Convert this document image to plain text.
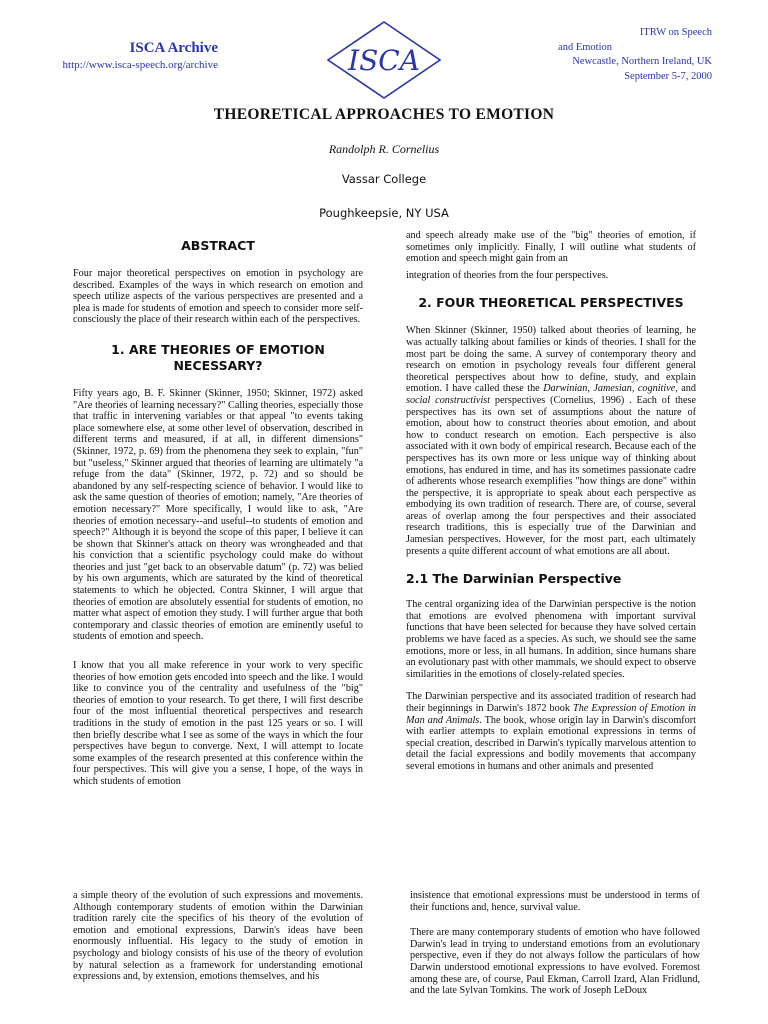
ISCA Archive
http://www.isca-speech.org/archive	ISCA
ITRW on Speech
and Emotion
Newcastle, Northern Ireland, UK
September 5-7, 2000
THEORETICAL APPROACHES TO EMOTION
Randolph R. Cornelius
Vassar College
Poughkeepsie, NY USA
ABSTRACT

Four major theoretical perspectives on emotion in psychology are described. Examples of the ways in which research on emotion and speech utilize aspects of the various perspectives are presented and a plea is made for students of emotion and speech to consider more self-consciously the place of their research within each of the perspectives.

1. ARE THEORIES OF EMOTION NECESSARY?

Fifty years ago, B. F. Skinner (Skinner, 1950; Skinner, 1972) asked "Are theories of learning necessary?" Calling theories, especially those that traffic in intervening variables or that appeal "to events taking place somewhere else, at some other level of observation, described in different terms and measured, if at all, in different dimensions" (Skinner, 1972, p. 69) from the phenomena they seek to explain, "fun" but "useless," Skinner argued that theories of learning are ultimately "a refuge from the data" (Skinner, 1972, p. 72) and so should be abandoned by any self-respecting science of behavior. I would like to ask the same question of theories of emotion; namely, "Are theories of emotion necessary?" More specifically, I would like to ask, "Are theories of emotion necessary--and useful--to students of emotion and speech?" Although it is beyond the scope of this paper, I believe it can be shown that Skinner's attack on theory was wrongheaded and that his conviction that a scientific psychology could make do without theories and just "get back to an observable datum" (p. 72) was belied by his own arguments, which are saturated by the kind of theoretical statements to which he objected. Contra Skinner, I will argue that theories of emotion are absolutely essential for students of emotion, no matter what aspect of emotion they study. I will further argue that both contemporary and classic theories of emotion are eminently useful to students of emotion and speech.

I know that you all make reference in your work to very specific theories of how emotion gets encoded into speech and the like. I would like to convince you of the centrality and usefulness of the "big" theories of emotion to your research. To get there, I will first describe four of the most influential theoretical perspectives and research traditions in the study of emotion in the past 125 years or so. I will then briefly describe what I see as some of the ways in which the four perspectives have begun to converge. Next, I will attempt to locate some examples of the research presented at this conference within the four perspectives. This will give you a sense, I hope, of the ways in which students of emotion

a simple theory of the evolution of such expressions and movements. Although contemporary students of emotion within the Darwinian tradition rarely cite the specifics of his theory of the evolution of emotion and emotional expressions, Darwin's ideas have been enormously influential. His legacy to the study of emotion in psychology and biology consists of his use of the theory of evolution by natural selection as a framework for understanding emotional expressions and, by extension, emotions themselves, and his

and speech already make use of the "big" theories of emotion, if sometimes only implicitly. Finally, I will outline what students of emotion and speech might gain from an

integration of theories from the four perspectives.

2. FOUR THEORETICAL PERSPECTIVES

When Skinner (Skinner, 1950) talked about theories of learning, he was actually talking about families or kinds of theories. I shall for the most part be doing the same. A survey of contemporary theory and research on emotion in psychology reveals four different general theoretical perspectives about how to define, study, and explain emotion. I have called these the Darwinian, Jamesian, cognitive, and social constructivist perspectives (Cornelius, 1996) . Each of these perspectives has its own set of assumptions about the nature of emotion, about how to construct theories about emotion, and about how to conduct research on emotion. Each perspective is also associated with it own body of empirical research. Because each of the perspectives has its own more or less unique way of thinking about emotions, has endured in time, and has its sometimes passionate cadre of adherents whose research exemplifies "how things are done" within the perspective, it is appropriate to speak about each perspective as embodying its own tradition of research. There are, of course, several areas of overlap among the four perspectives and their associated research traditions, this is especially true of the Darwinian and Jamesian perspectives. However, for the most part, each ultimately presents a quite different account of what emotions are all about.

2.1 The Darwinian Perspective

The central organizing idea of the Darwinian perspective is the notion that emotions are evolved phenomena with important survival functions that have been selected for because they have solved certain problems we have faced as a species. As such, we should see the same emotions, more or less, in all humans. In addition, since humans share an evolutionary past with other mammals, we should expect to observe similarities in the emotions of closely-related species.

The Darwinian perspective and its associated tradition of research had their beginnings in Darwin's 1872 book The Expression of Emotion in Man and Animals. The book, whose origin lay in Darwin's discomfort with earlier attempts to explain emotional expressions in terms of special creation, described in Darwin's typically marvelous attention to detail the facial expressions and bodily movements that accompany several emotions in humans and other animals and presented

insistence that emotional expressions must be understood in terms of their functions and, hence, survival value.

There are many contemporary students of emotion who have followed Darwin's lead in trying to understand emotions from an evolutionary perspective, even if they do not always follow the particulars of how Darwin understood emotional expressions to have evolved. Foremost among these are, of course, Paul Ekman, Carroll Izard, Alan Fridlund, and the late Sylvan Tomkins. The work of Joseph LeDoux
